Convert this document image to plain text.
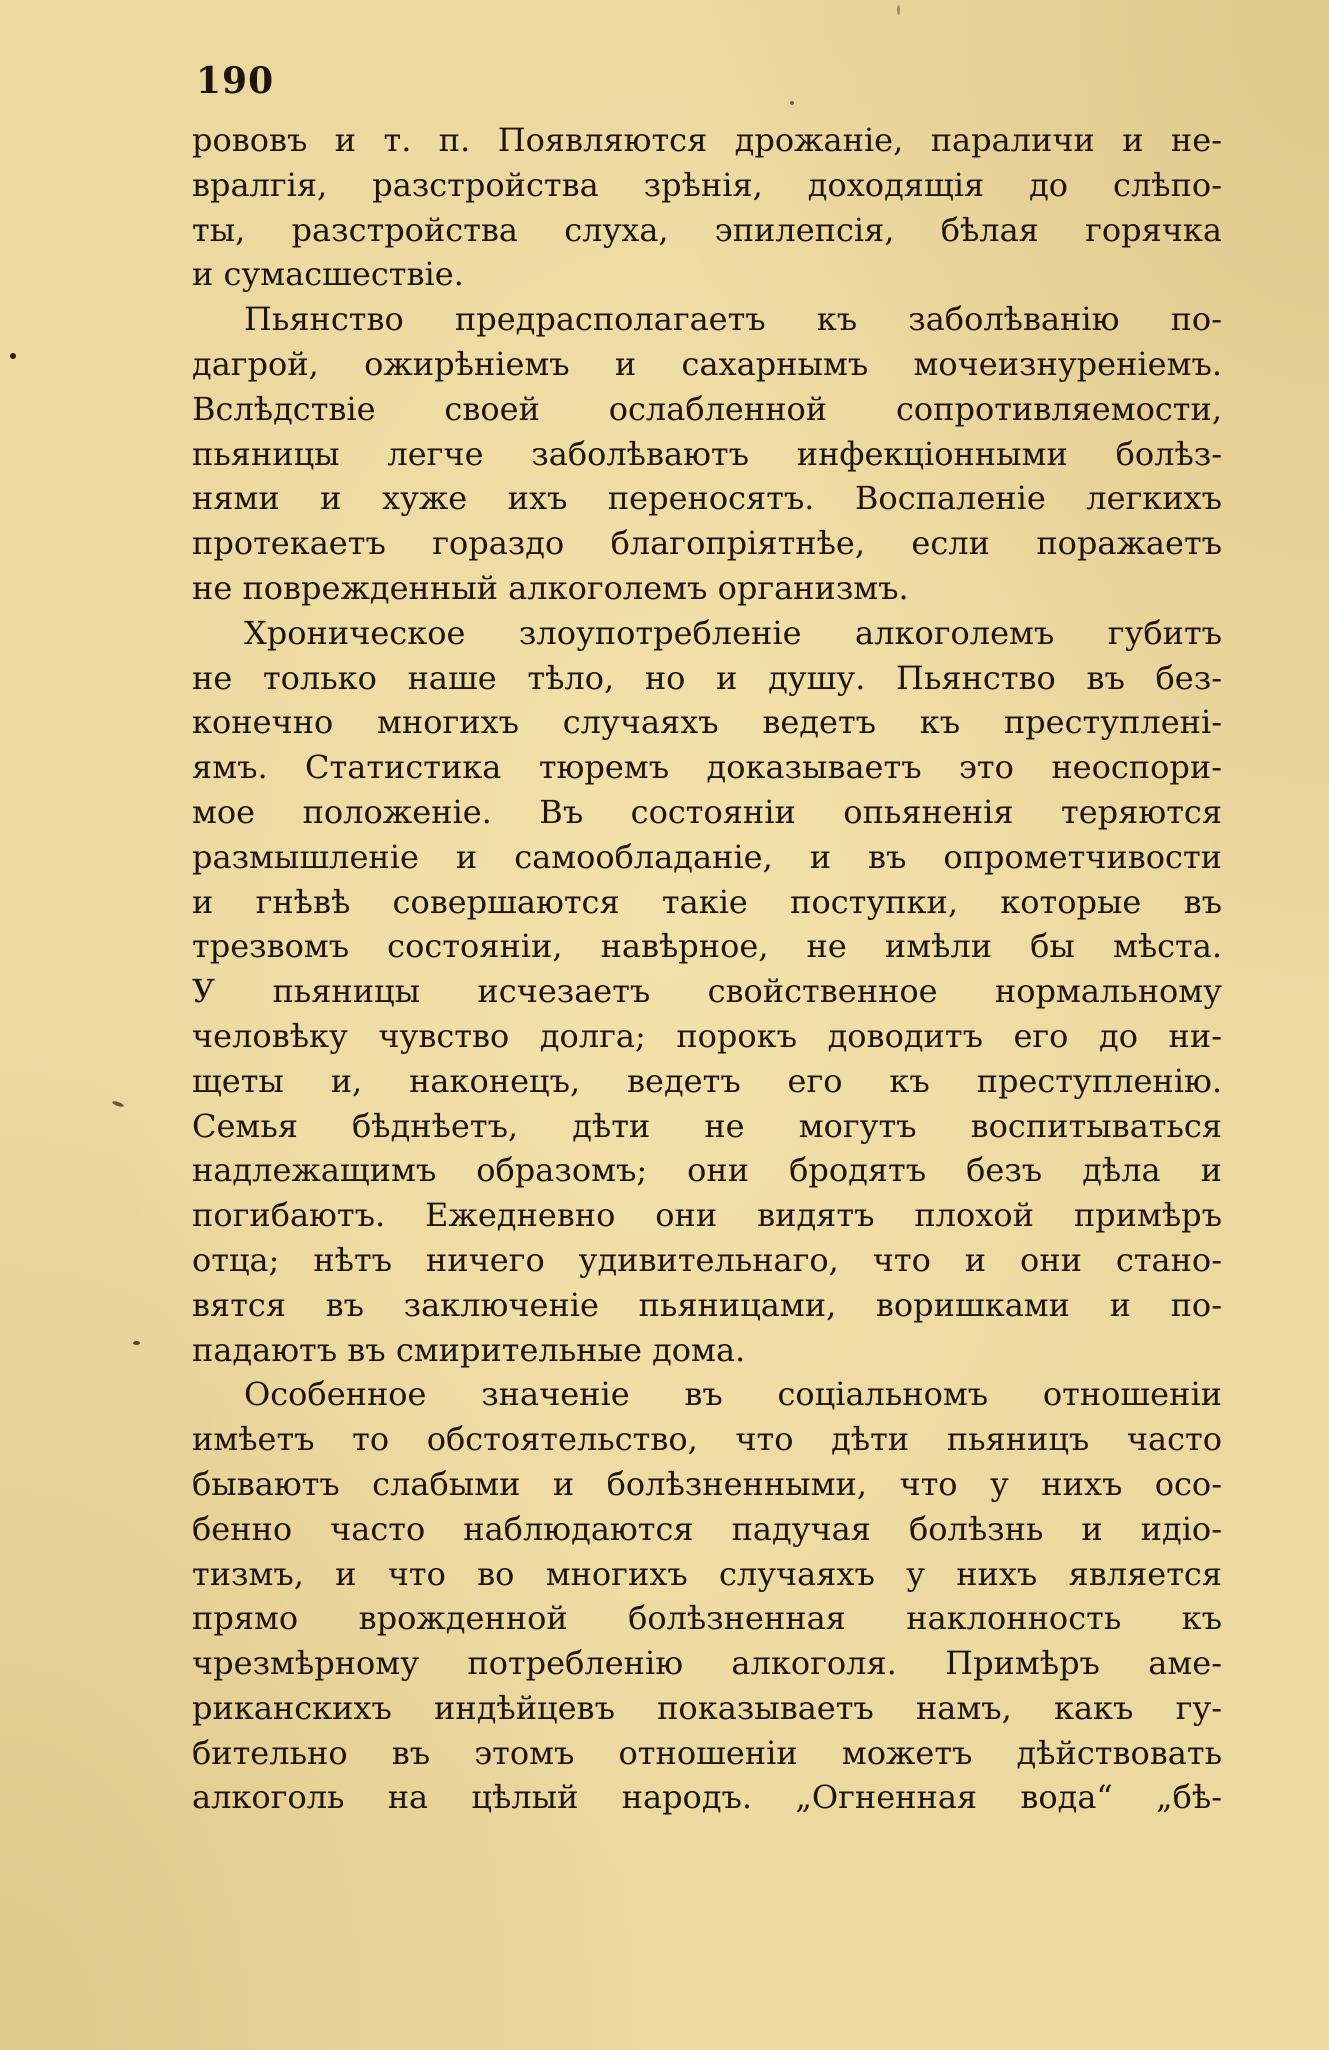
190
рововъ и т. п. Появляются дрожаніе, параличи и не-
вралгія, разстройства зрѣнія, доходящія до слѣпо-
ты, разстройства слуха, эпилепсія, бѣлая горячка
и сумасшествіе.
Пьянство предрасполагаетъ къ заболѣванію по-
дагрой, ожирѣніемъ и сахарнымъ мочеизнуреніемъ.
Вслѣдствіе своей ослабленной сопротивляемости,
пьяницы легче заболѣваютъ инфекціонными болѣз-
нями и хуже ихъ переносятъ. Воспаленіе легкихъ
протекаетъ гораздо благопріятнѣе, если поражаетъ
не поврежденный алкоголемъ организмъ.
Хроническое злоупотребленіе алкоголемъ губитъ
не только наше тѣло, но и душу. Пьянство въ без-
конечно многихъ случаяхъ ведетъ къ преступлені-
ямъ. Статистика тюремъ доказываетъ это неоспори-
мое положеніе. Въ состояніи опьяненія теряются
размышленіе и самообладаніе, и въ опрометчивости
и гнѣвѣ совершаются такіе поступки, которые въ
трезвомъ состояніи, навѣрное, не имѣли бы мѣста.
У пьяницы исчезаетъ свойственное нормальному
человѣку чувство долга; порокъ доводитъ его до ни-
щеты и, наконецъ, ведетъ его къ преступленію.
Семья бѣднѣетъ, дѣти не могутъ воспитываться
надлежащимъ образомъ; они бродятъ безъ дѣла и
погибаютъ. Ежедневно они видятъ плохой примѣръ
отца; нѣтъ ничего удивительнаго, что и они стано-
вятся въ заключеніе пьяницами, воришками и по-
падаютъ въ смирительные дома.
Особенное значеніе въ соціальномъ отношеніи
имѣетъ то обстоятельство, что дѣти пьяницъ часто
бываютъ слабыми и болѣзненными, что у нихъ осо-
бенно часто наблюдаются падучая болѣзнь и идіо-
тизмъ, и что во многихъ случаяхъ у нихъ является
прямо врожденной болѣзненная наклонность къ
чрезмѣрному потребленію алкоголя. Примѣръ аме-
риканскихъ индѣйцевъ показываетъ намъ, какъ гу-
бительно въ этомъ отношеніи можетъ дѣйствовать
алкоголь на цѣлый народъ. „Огненная вода“ „бѣ-
